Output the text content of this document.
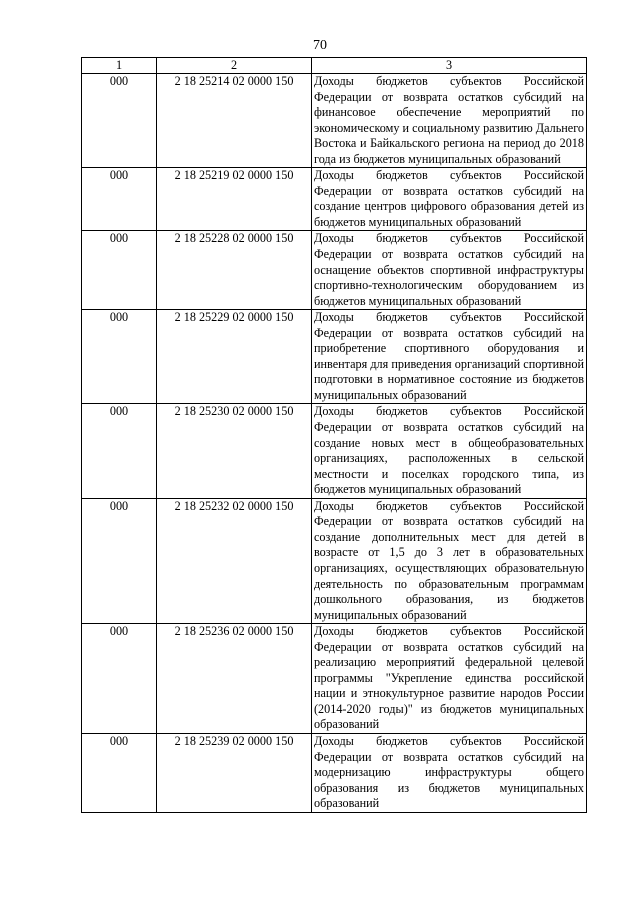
70
1	2	3
000	2 18 25214 02 0000 150	Доходы бюджетов субъектов Российской Федерации от возврата остатков субсидий на финансовое обеспечение мероприятий по экономическому и социальному развитию Дальнего Востока и Байкальского региона на период до 2018 года из бюджетов муниципальных образований
000	2 18 25219 02 0000 150	Доходы бюджетов субъектов Российской Федерации от возврата остатков субсидий на создание центров цифрового образования детей из бюджетов муниципальных образований
000	2 18 25228 02 0000 150	Доходы бюджетов субъектов Российской Федерации от возврата остатков субсидий на оснащение объектов спортивной инфраструктуры спортивно-технологическим оборудованием из бюджетов муниципальных образований
000	2 18 25229 02 0000 150	Доходы бюджетов субъектов Российской Федерации от возврата остатков субсидий на приобретение спортивного оборудования и инвентаря для приведения организаций спортивной подготовки в нормативное состояние из бюджетов муниципальных образований
000	2 18 25230 02 0000 150	Доходы бюджетов субъектов Российской Федерации от возврата остатков субсидий на создание новых мест в общеобразовательных организациях, расположенных в сельской местности и поселках городского типа, из бюджетов муниципальных образований
000	2 18 25232 02 0000 150	Доходы бюджетов субъектов Российской Федерации от возврата остатков субсидий на создание дополнительных мест для детей в возрасте от 1,5 до 3 лет в образовательных организациях, осуществляющих образовательную деятельность по образовательным программам дошкольного образования, из бюджетов муниципальных образований
000	2 18 25236 02 0000 150	Доходы бюджетов субъектов Российской Федерации от возврата остатков субсидий на реализацию мероприятий федеральной целевой программы "Укрепление единства российской нации и этнокультурное развитие народов России (2014-2020 годы)" из бюджетов муниципальных образований
000	2 18 25239 02 0000 150	Доходы бюджетов субъектов Российской Федерации от возврата остатков субсидий на модернизацию инфраструктуры общего образования из бюджетов муниципальных образований
